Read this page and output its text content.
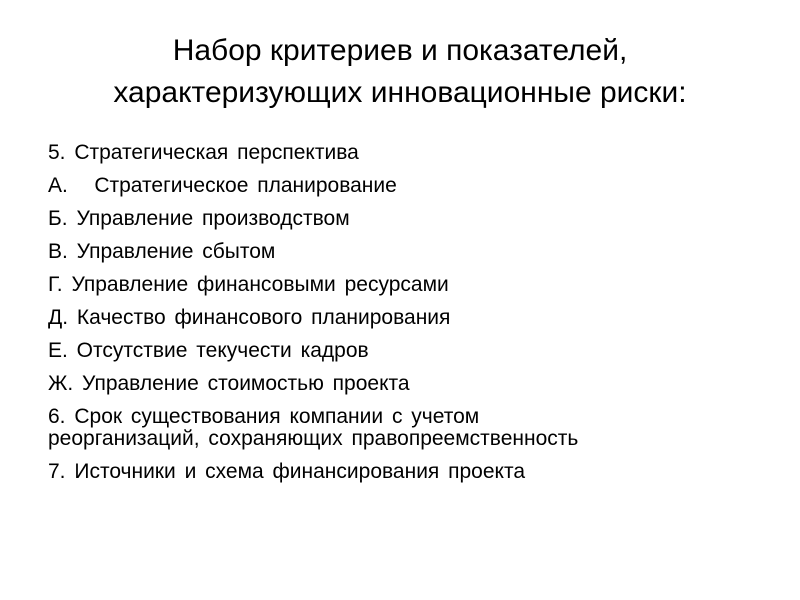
Набор критериев и показателей,
характеризующих инновационные риски:
5. Стратегическая перспектива
А.   Стратегическое планирование
Б. Управление производством
В. Управление сбытом
Г. Управление финансовыми ресурсами
Д. Качество финансового планирования
Е. Отсутствие текучести кадров
Ж. Управление стоимостью проекта
6. Срок существования компании с учетом
реорганизаций, сохраняющих правопреемственность
7. Источники и схема финансирования проекта
